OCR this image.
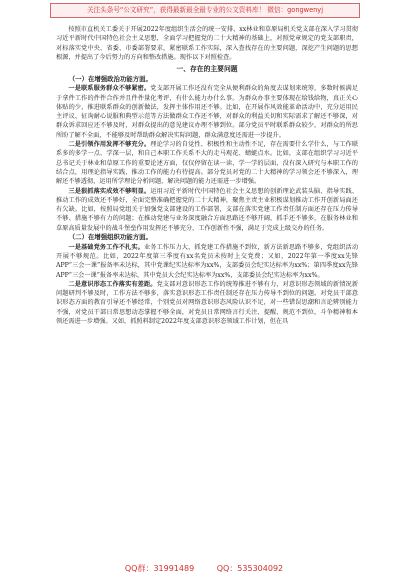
关注头条号“公文研究”，获得最新最全最专业的公文资料库！ 微信：gongwenyj

按照市直机关工委关于开展2022年度组织生活会的统一安排，xx林业和草原局机关党支部在深入学习贯彻习近平新时代中国特色社会主义思想，全面学习把握党的二十大精神的基础上，对照党章规定的党支部职责，对标落实党中央、省委、市委部署要求，紧密联系工作实际，深入查找存在的主要问题，深挖产生问题的思想根源，并提出了今后努力的方向和整改措施。现作以下对照检查。

一、存在的主要问题

（一）在增强政治功能方面。

一是联系服务群众不够紧密。党支部开展工作还没有完全从便利群众的角度去谋划来统筹，多数时候满足于拿件工作的件件合作并且件件量化考评，有什么能力办什么事。为群众办事主要体现在给钱给物，真正关心体贴的少，推进联系群众的创新做法，发挥主体作用还不够。比如，在开展作风效能革命活动中，充分运用民主评议、征询耐心说服和典型示范等方法做群众工作还不够，对群众的利益关切和实际需求了解还不够深，对群众诉求回应还不够及时，对群众提出的意见建议办理不够到位。部分党员平时联系群众较少，对群众的所思所盼了解不全面，不能够及时帮助群众解决实际问题，群众满意度还需进一步提升。

二是引领作用发挥不够充分。理论学习的自觉性、积极性和主动性不足，存在需要什么学什么，与工作联系多的多学一点、学深一层，和自己本职工作关系不大的走马观花、蜻蜓点水。比如，支部在组织学习习近平总书记关于林业和草原工作的重要论述方面，仅仅停留在读一读、学一学的层面，没有深入研究与本职工作的结合点，用理论指导实践、推动工作的能力有待提高。部分党员对党的二十大精神的学习领会还不够深入，理解还不够透彻，运用所学理论分析问题、解决问题的能力还需进一步增强。

三是狠抓落实成效不够明显。运用习近平新时代中国特色社会主义思想的创新理论武装头脑、指导实践、推动工作的成效还不够好，全面完整准确把握党的二十大精神，聚焦主责主业积极谋划推动工作开创新局面还有欠缺。比如，按照局党组关于加强党支部建设的工作部署，支部在落实党建工作责任制方面还存在压力传导不够、措施不够有力的问题；在推动党建与业务深度融合方面思路还不够开阔，抓手还不够多，在服务林业和草原高质量发展中的战斗堡垒作用发挥还不够充分，工作创新性不强，满足于完成上级交办的任务。

（二）在增强组织功能方面。

一是基础党务工作不扎实。业务工作压力大，抓党建工作措施不到位，新方法新思路不够多，党组织活动开展不够规范。比如，2022年度第三季度有xx名党员未按时上交党费；又如，2022年第一季度xx先锋APP“三会一课”报备率未达标，其中党课纪实达标率为xx%，支部委员会纪实达标率为xx%；第四季度xx先锋APP“三会一课”报备率未达标，其中党员大会纪实达标率为xx%，支部委员会纪实达标率为xx%。

二是意识形态工作落实有差距。党支部对意识形态工作的统筹推进不够有力，对意识形态领域的新情况新问题研判不够及时，工作方法不够多，落实意识形态工作责任制还存在压力传导不到位的问题。对党员干部意识形态方面的教育引导还不够经常，个别党员对网络意识形态风险认识不足，对一些错误思潮和言论辨别能力不强，对党员干部日常思想动态掌握不够全面，对党员日常网络言行关注、提醒、规范不到位，斗争精神和本领还需进一步增强。又如，抓照料制定2022年度支部意识形态领域工作计划，但在具

QQ群：31991489	QQ：535304092
